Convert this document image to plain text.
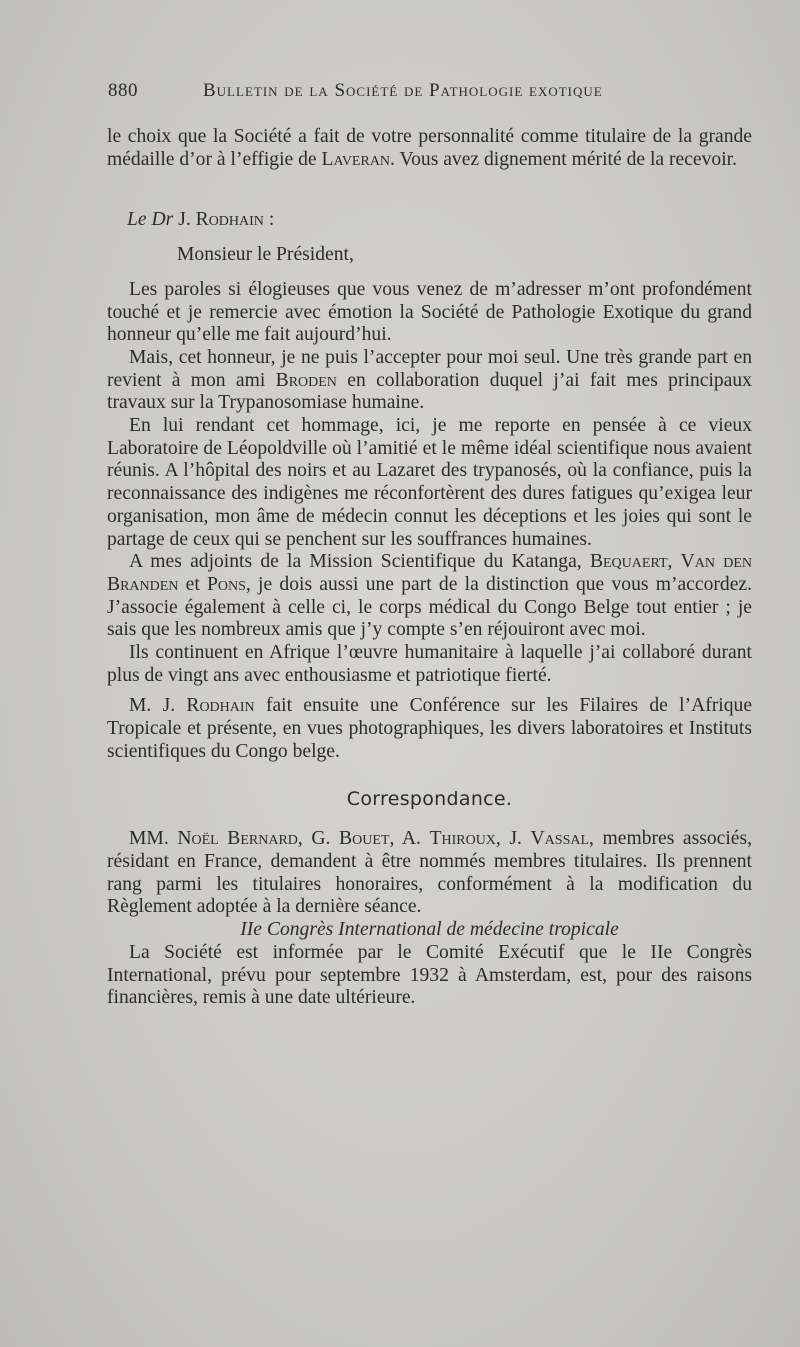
880	Bulletin de la Société de Pathologie exotique

le choix que la Société a fait de votre personnalité comme titulaire de la grande médaille d’or à l’effigie de Laveran. Vous avez dignement mérité de la recevoir.

Le Dr J. Rodhain :

Monsieur le Président,

Les paroles si élogieuses que vous venez de m’adresser m’ont profondément touché et je remercie avec émotion la Société de Pathologie Exotique du grand honneur qu’elle me fait aujourd’hui.

Mais, cet honneur, je ne puis l’accepter pour moi seul. Une très grande part en revient à mon ami Broden en collaboration duquel j’ai fait mes principaux travaux sur la Trypanosomiase humaine.

En lui rendant cet hommage, ici, je me reporte en pensée à ce vieux Laboratoire de Léopoldville où l’amitié et le même idéal scientifique nous avaient réunis. A l’hôpital des noirs et au Lazaret des trypanosés, où la confiance, puis la reconnaissance des indigènes me réconfortèrent des dures fatigues qu’exigea leur organisation, mon âme de médecin connut les déceptions et les joies qui sont le partage de ceux qui se penchent sur les souffrances humaines.

A mes adjoints de la Mission Scientifique du Katanga, Bequaert, Van den Branden et Pons, je dois aussi une part de la distinction que vous m’accordez. J’associe également à celle ci, le corps médical du Congo Belge tout entier ; je sais que les nombreux amis que j’y compte s’en réjouiront avec moi.

Ils continuent en Afrique l’œuvre humanitaire à laquelle j’ai collaboré durant plus de vingt ans avec enthousiasme et patriotique fierté.

M. J. Rodhain fait ensuite une Conférence sur les Filaires de l’Afrique Tropicale et présente, en vues photographiques, les divers laboratoires et Instituts scientifiques du Congo belge.

Correspondance.

MM. Noël Bernard, G. Bouet, A. Thiroux, J. Vassal, membres associés, résidant en France, demandent à être nommés membres titulaires. Ils prennent rang parmi les titulaires honoraires, conformément à la modification du Règlement adoptée à la dernière séance.

IIe Congrès International de médecine tropicale

La Société est informée par le Comité Exécutif que le IIe Congrès International, prévu pour septembre 1932 à Amsterdam, est, pour des raisons financières, remis à une date ultérieure.
